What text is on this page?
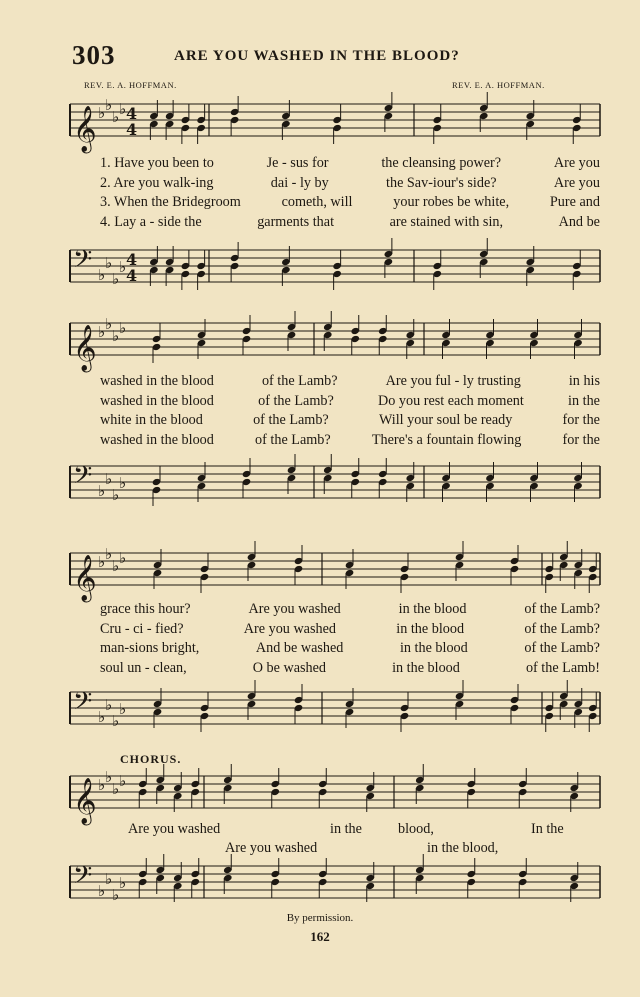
303	ARE YOU WASHED IN THE BLOOD?
REV. E. A. HOFFMAN.	REV. E. A. HOFFMAN.
𝄞 ♭ ♭
♭ ♭ 4
4
𝄢 ♭
♭
♭
♭ 4
4
𝄞 ♭ ♭
♭ ♭
𝄢 ♭
♭
♭
♭
𝄞 ♭ ♭
♭ ♭
𝄢 ♭
♭
♭
♭
𝄞 ♭ ♭
♭ ♭
𝄢 ♭
♭
♭
♭
1. Have you been to	Je - sus for	the cleansing power?	Are you
2. Are you walk-ing	dai - ly by	the Sav-iour's side?	Are you
3. When the Bridegroom	cometh, will	your robes be white,	Pure and
4. Lay a - side the	garments that	are stained with sin,	And be
washed in the blood	of the Lamb?	Are you ful - ly trusting	in his
washed in the blood	of the Lamb?	Do you rest each moment	in the
white in the blood	of the Lamb?	Will your soul be ready	for the
washed in the blood	of the Lamb?	There's a fountain flowing	for the
grace this hour?	Are you washed	in the blood	of the Lamb?
Cru - ci - fied?	Are you washed	in the blood	of the Lamb?
man-sions bright,	And be washed	in the blood	of the Lamb?
soul un - clean,	O be washed	in the blood	of the Lamb!
CHORUS.
Are you washed	in the	blood,	In the
Are you washed	in the blood,
By permission.
162
